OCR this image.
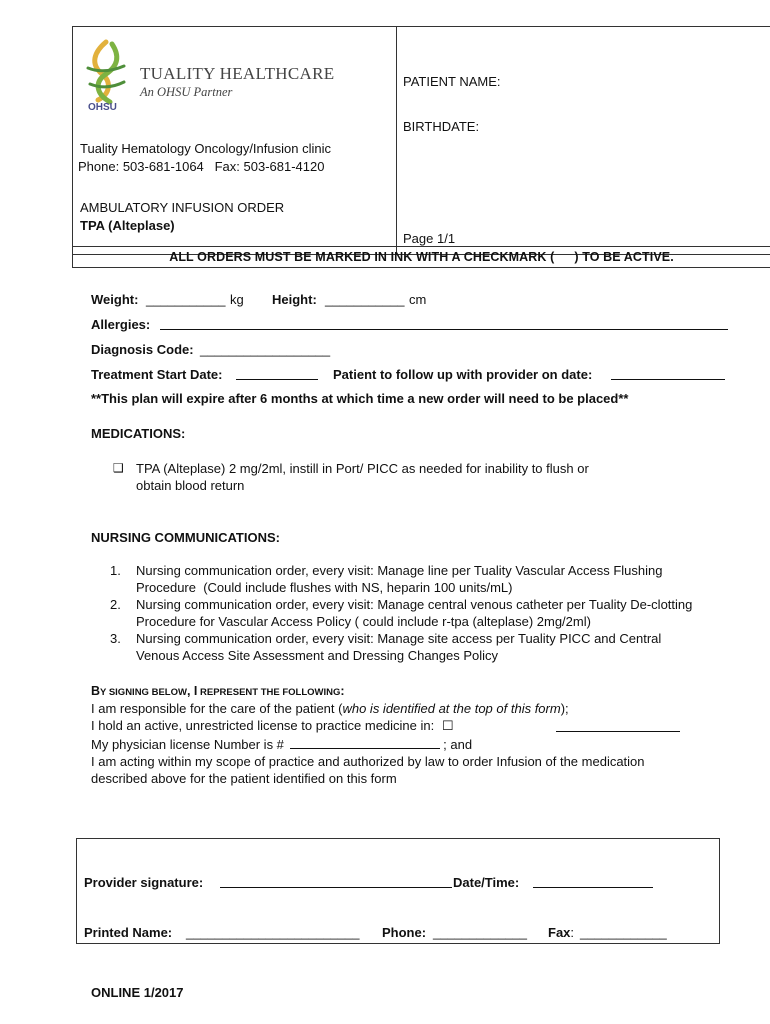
OHSU
TUALITY HEALTHCARE
An OHSU Partner
Tuality Hematology Oncology/Infusion clinic
Phone: 503-681-1064   Fax: 503-681-4120
AMBULATORY INFUSION ORDER
TPA (Alteplase)
PATIENT NAME:
BIRTHDATE:
Page 1/1
ALL ORDERS MUST BE MARKED IN INK WITH A CHECKMARK ( ) TO BE ACTIVE.
Weight: ___________ kg Height: ___________ cm
Allergies:
Diagnosis Code: __________________
Treatment Start Date:	Patient to follow up with provider on date:
**This plan will expire after 6 months at which time a new order will need to be placed**
MEDICATIONS:
❑ TPA (Alteplase) 2 mg/2ml, instill in Port/ PICC as needed for inability to flush or
obtain blood return
NURSING COMMUNICATIONS:
1. Nursing communication order, every visit: Manage line per Tuality Vascular Access Flushing
Procedure  (Could include flushes with NS, heparin 100 units/mL)
2. Nursing communication order, every visit: Manage central venous catheter per Tuality De-clotting
Procedure for Vascular Access Policy ( could include r-tpa (alteplase) 2mg/2ml)
3. Nursing communication order, every visit: Manage site access per Tuality PICC and Central
Venous Access Site Assessment and Dressing Changes Policy
BY SIGNING BELOW, I REPRESENT THE FOLLOWING:
I am responsible for the care of the patient (who is identified at the top of this form);
I hold an active, unrestricted license to practice medicine in: ☐
My physician license Number is #	; and
I am acting within my scope of practice and authorized by law to order Infusion of the medication
described above for the patient identified on this form
Provider signature:	Date/Time:
Printed Name: ________________________ Phone: _____________ Fax: ____________
ONLINE 1/2017
